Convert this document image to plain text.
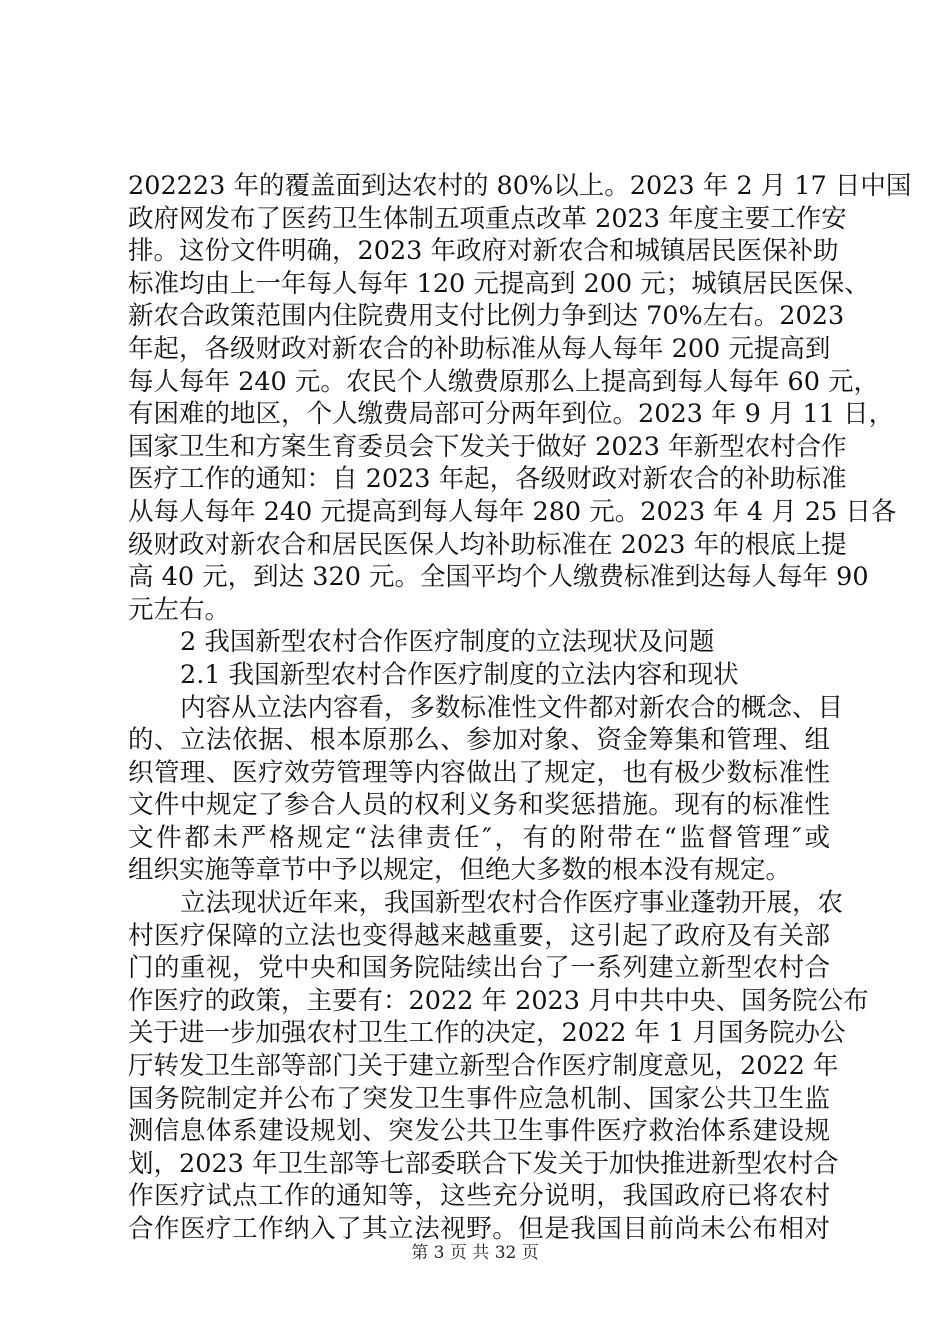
202223 年的覆盖面到达农村的 80%以上。2023 年 2 月 17 日中国
政府网发布了医药卫生体制五项重点改革 2023 年度主要工作安
排。这份文件明确，2023 年政府对新农合和城镇居民医保补助
标准均由上一年每人每年 120 元提高到 200 元；城镇居民医保、
新农合政策范围内住院费用支付比例力争到达 70%左右。2023
年起，各级财政对新农合的补助标准从每人每年 200 元提高到
每人每年 240 元。农民个人缴费原那么上提高到每人每年 60 元，
有困难的地区，个人缴费局部可分两年到位。2023 年 9 月 11 日，
国家卫生和方案生育委员会下发关于做好 2023 年新型农村合作
医疗工作的通知：自 2023 年起，各级财政对新农合的补助标准
从每人每年 240 元提高到每人每年 280 元。2023 年 4 月 25 日各
级财政对新农合和居民医保人均补助标准在 2023 年的根底上提
高 40 元，到达 320 元。全国平均个人缴费标准到达每人每年 90
元左右。
2 我国新型农村合作医疗制度的立法现状及问题
2.1 我国新型农村合作医疗制度的立法内容和现状
内容从立法内容看，多数标准性文件都对新农合的概念、目
的、立法依据、根本原那么、参加对象、资金筹集和管理、组
织管理、医疗效劳管理等内容做出了规定，也有极少数标准性
文件中规定了参合人员的权利义务和奖惩措施。现有的标准性
文件都未严格规定“法律责任″，有的附带在“监督管理″或
组织实施等章节中予以规定，但绝大多数的根本没有规定。
立法现状近年来，我国新型农村合作医疗事业蓬勃开展，农
村医疗保障的立法也变得越来越重要，这引起了政府及有关部
门的重视，党中央和国务院陆续出台了一系列建立新型农村合
作医疗的政策，主要有：2022 年 2023 月中共中央、国务院公布
关于进一步加强农村卫生工作的决定，2022 年 1 月国务院办公
厅转发卫生部等部门关于建立新型合作医疗制度意见，2022 年
国务院制定并公布了突发卫生事件应急机制、国家公共卫生监
测信息体系建设规划、突发公共卫生事件医疗救治体系建设规
划，2023 年卫生部等七部委联合下发关于加快推进新型农村合
作医疗试点工作的通知等，这些充分说明，我国政府已将农村
合作医疗工作纳入了其立法视野。但是我国目前尚未公布相对
第 3 页 共 32 页
